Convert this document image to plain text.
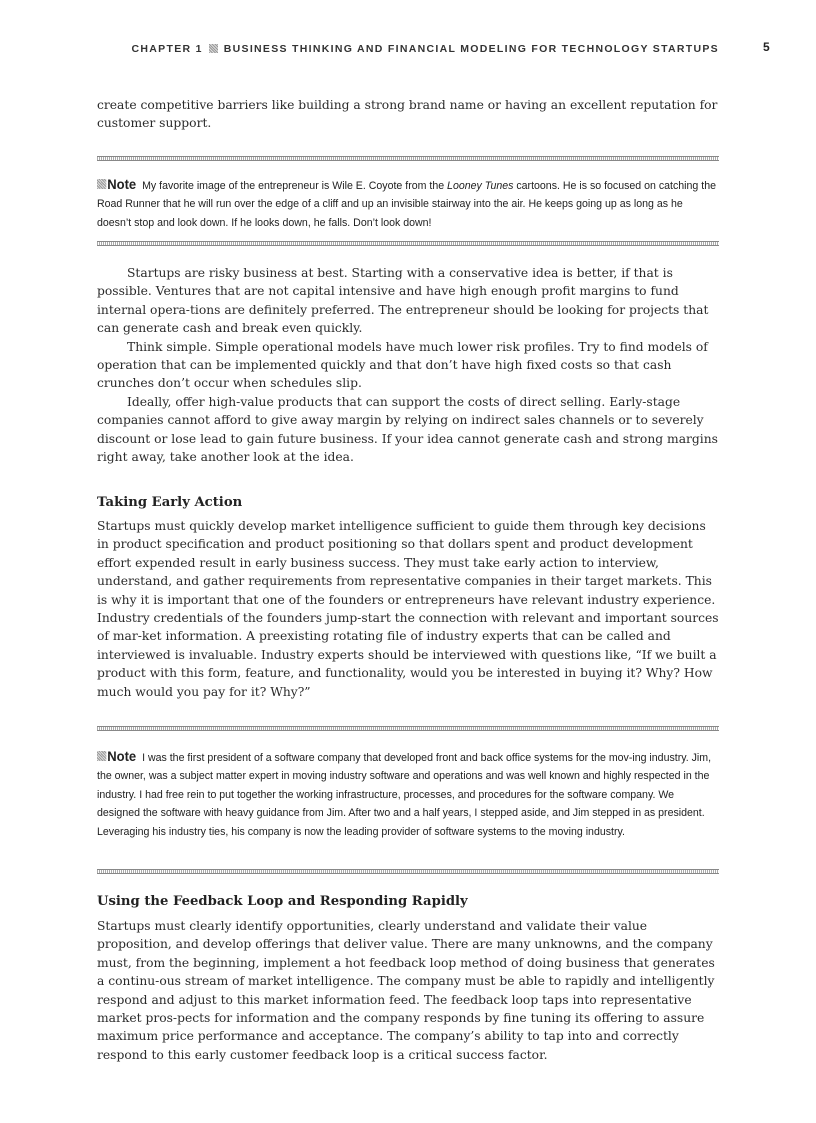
CHAPTER 1 BUSINESS THINKING AND FINANCIAL MODELING FOR TECHNOLOGY STARTUPS	5

create competitive barriers like building a strong brand name or having an excellent reputation for customer support.

Note My favorite image of the entrepreneur is Wile E. Coyote from the Looney Tunes cartoons. He is so focused on catching the Road Runner that he will run over the edge of a cliff and up an invisible stairway into the air. He keeps going up as long as he doesn’t stop and look down. If he looks down, he falls. Don’t look down!

Startups are risky business at best. Starting with a conservative idea is better, if that is possible. Ventures that are not capital intensive and have high enough profit margins to fund internal opera-tions are definitely preferred. The entrepreneur should be looking for projects that can generate cash and break even quickly.

Think simple. Simple operational models have much lower risk profiles. Try to find models of operation that can be implemented quickly and that don’t have high fixed costs so that cash crunches don’t occur when schedules slip.

Ideally, offer high-value products that can support the costs of direct selling. Early-stage companies cannot afford to give away margin by relying on indirect sales channels or to severely discount or lose lead to gain future business. If your idea cannot generate cash and strong margins right away, take another look at the idea.

Taking Early Action

Startups must quickly develop market intelligence sufficient to guide them through key decisions in product specification and product positioning so that dollars spent and product development effort expended result in early business success. They must take early action to interview, understand, and gather requirements from representative companies in their target markets. This is why it is important that one of the founders or entrepreneurs have relevant industry experience. Industry credentials of the founders jump-start the connection with relevant and important sources of mar-ket information. A preexisting rotating file of industry experts that can be called and interviewed is invaluable. Industry experts should be interviewed with questions like, “If we built a product with this form, feature, and functionality, would you be interested in buying it? Why? How much would you pay for it? Why?”

Note I was the first president of a software company that developed front and back office systems for the mov-ing industry. Jim, the owner, was a subject matter expert in moving industry software and operations and was well known and highly respected in the industry. I had free rein to put together the working infrastructure, processes, and procedures for the software company. We designed the software with heavy guidance from Jim. After two and a half years, I stepped aside, and Jim stepped in as president. Leveraging his industry ties, his company is now the leading provider of software systems to the moving industry.
Using the Feedback Loop and Responding Rapidly

Startups must clearly identify opportunities, clearly understand and validate their value proposition, and develop offerings that deliver value. There are many unknowns, and the company must, from the beginning, implement a hot feedback loop method of doing business that generates a continu-ous stream of market intelligence. The company must be able to rapidly and intelligently respond and adjust to this market information feed. The feedback loop taps into representative market pros-pects for information and the company responds by fine tuning its offering to assure maximum price performance and acceptance. The company’s ability to tap into and correctly respond to this early customer feedback loop is a critical success factor.
